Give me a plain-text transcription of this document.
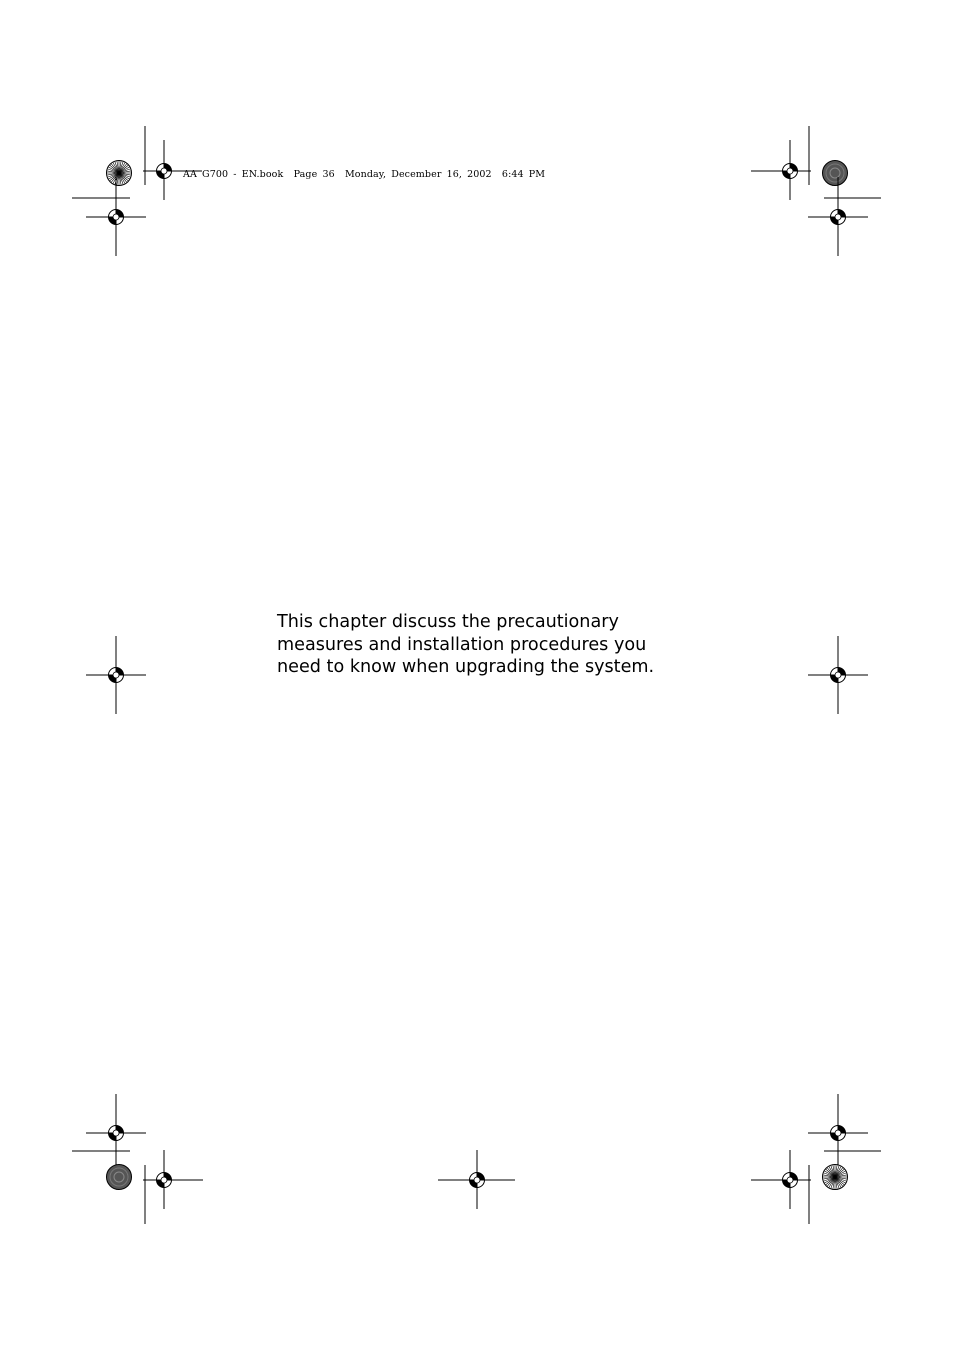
AA G700 - EN.book  Page 36  Monday, December 16, 2002  6:44 PM

This chapter discuss the precautionary

measures and installation procedures you

need to know when upgrading the system.
